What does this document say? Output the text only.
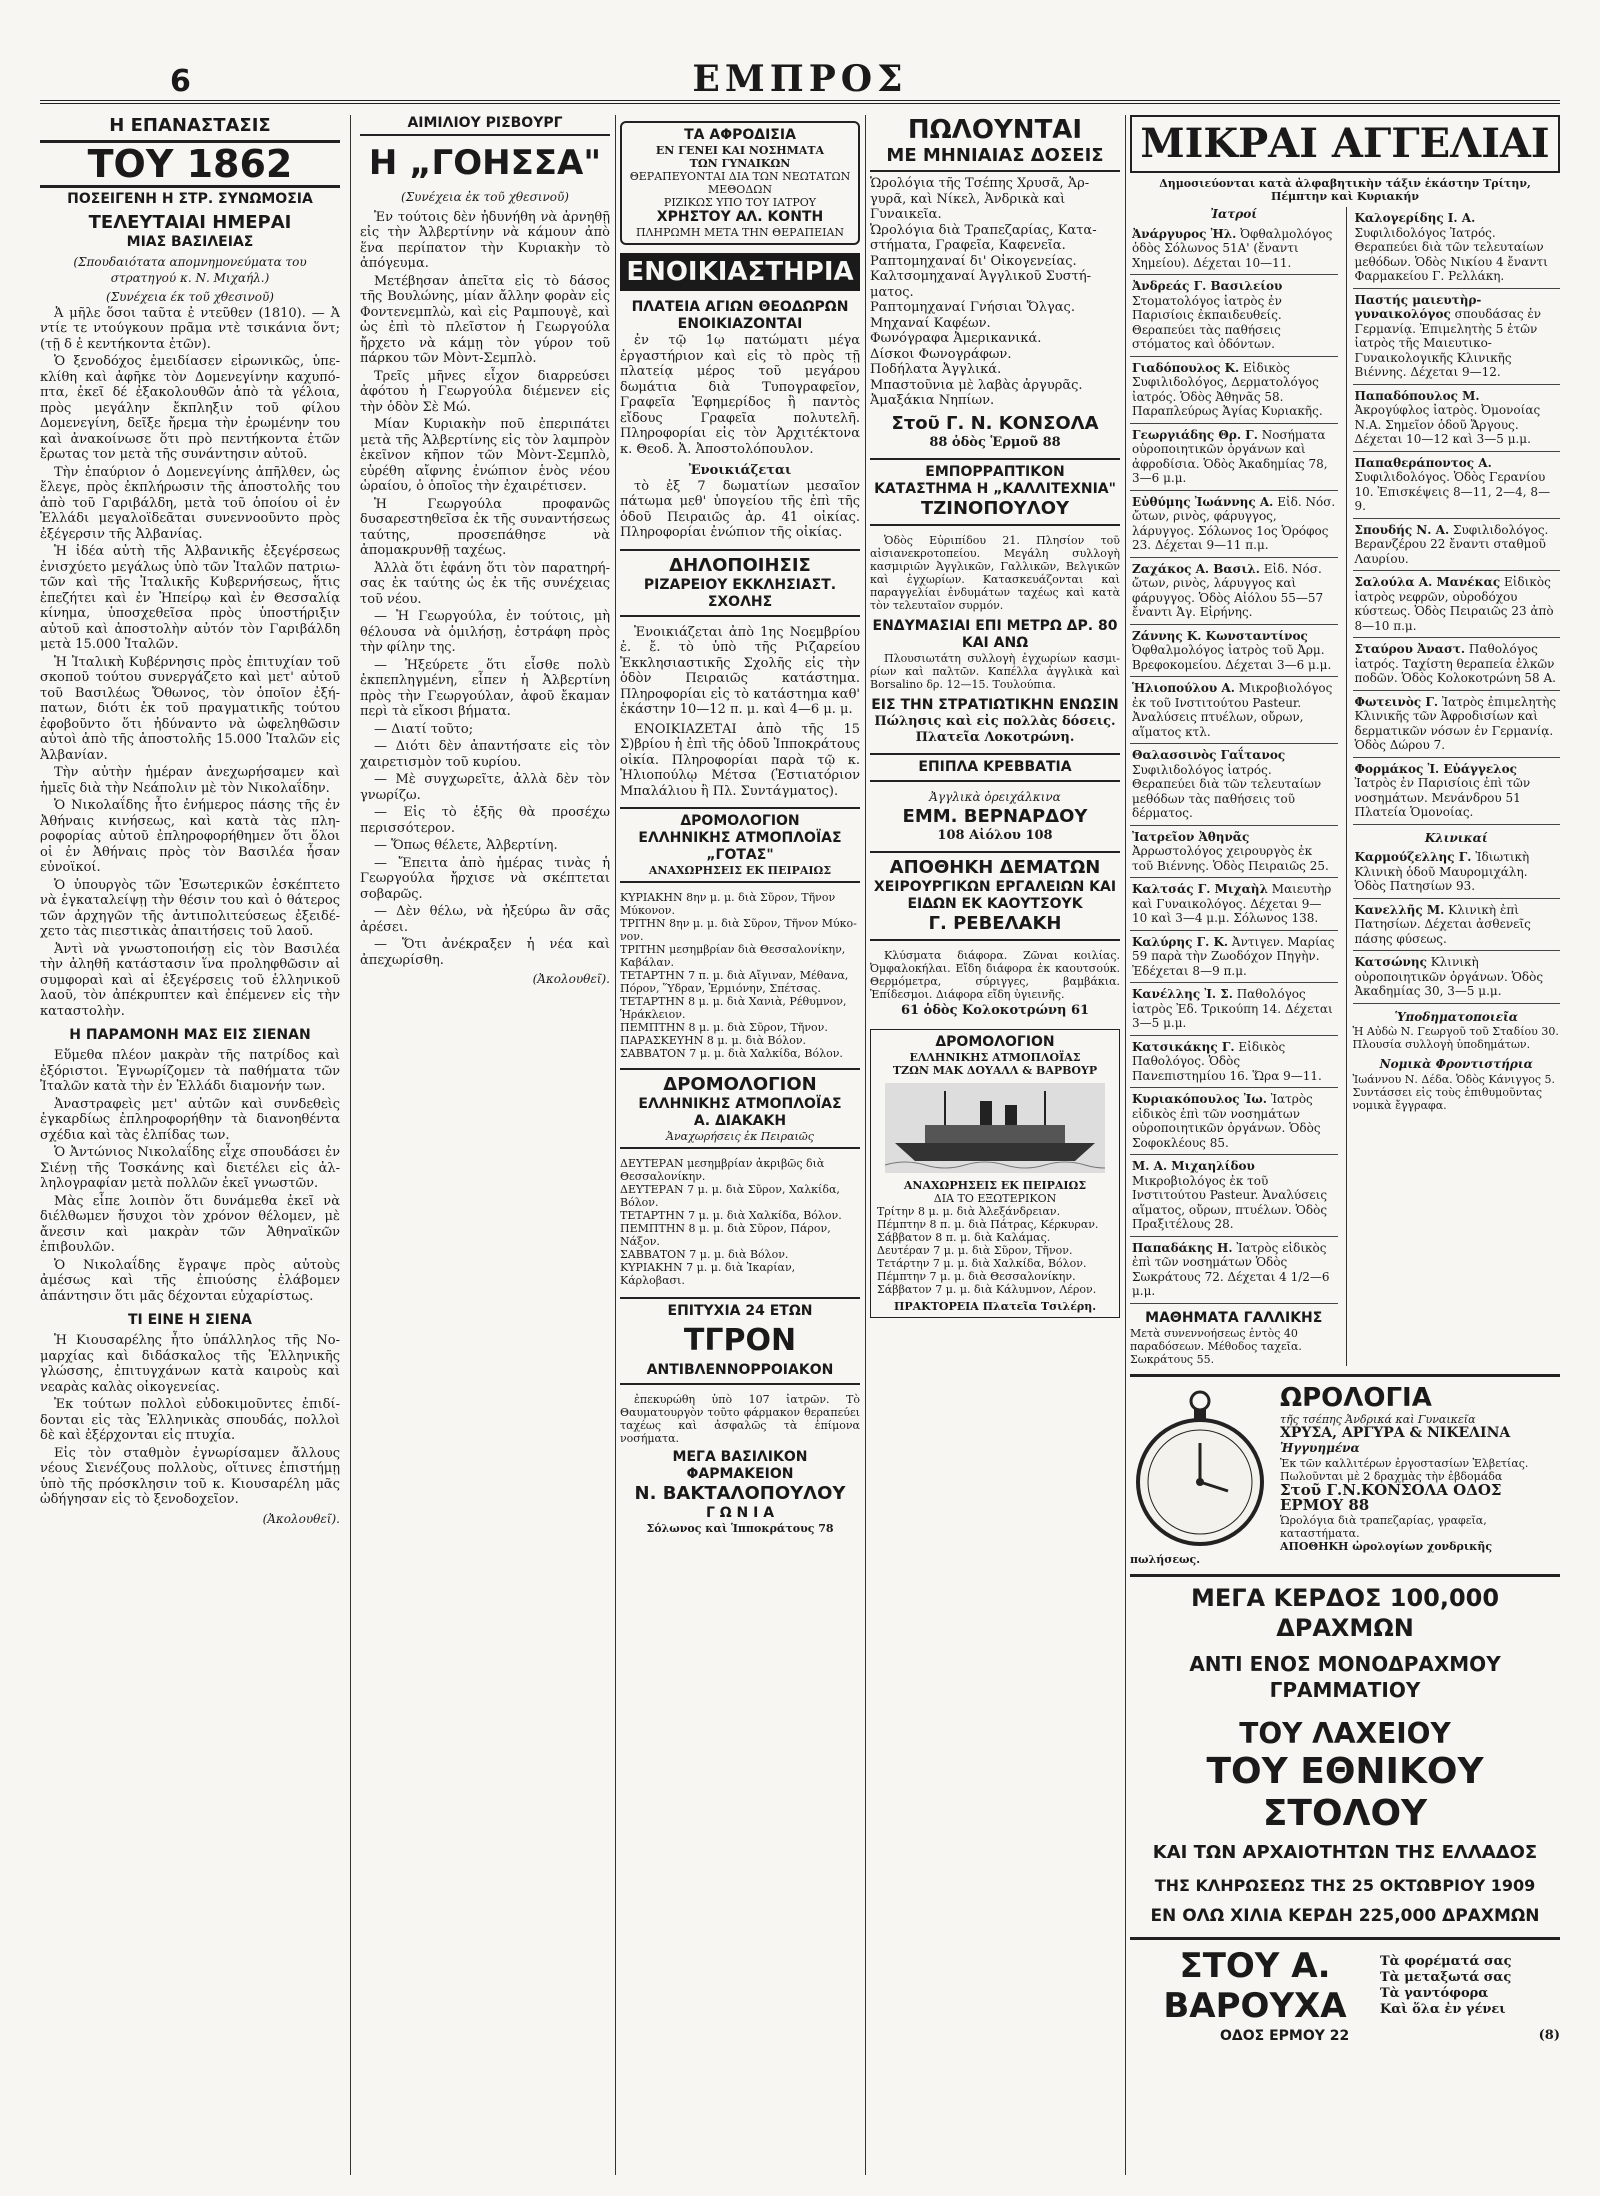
6	ΕΜΠΡΟΣ
Η ΕΠΑΝΑΣΤΑΣΙΣ
ΤΟΥ 1862
ΠΟΣΕΙΓΕΝΗ Η ΣΤΡ. ΣΥΝΩΜΟΣΙΑ
ΤΕΛΕΥΤΑΙΑΙ ΗΜΕΡΑΙ
ΜΙΑΣ ΒΑΣΙΛΕΙΑΣ
(Σπουδαιότατα απομνημονεύματα του στρατηγού κ. Ν. Μιχαήλ.)
(Συνέχεια έκ τοῦ χθεσινοῦ)

Ἀ μῆλε ὅσοι ταῦτα ἐ ντεῦθεν (1810). — Ἀ ντίε τε ντούγκουν πρᾶμα ντὲ τσικάνια ὅντ; (τῇ δ ἐ κεντήκοντα ἐτῶν).

Ὁ ξενοδόχος ἐμειδίασεν εἰρωνικῶς, ὑπεκλίθη καὶ ἀφῆκε τὸν Δομενεγίνην καχυπόπτα, ἐκεῖ δέ ἐξακολουθῶν ἀπὸ τὰ γέλοια, πρὸς μεγάλην ἔκπληξιν τοῦ φίλου Δομενεγίνη, δεῖξε ἤρεμα τὴν ἐρωμένην του καὶ ἀνακοίνωσε ὅτι πρὸ πεντήκοντα ἐτῶν ἔρωτας τον μετὰ τῆς συνάντησιν αὐτοῦ.

Τὴν ἐπαύριον ὁ Δομενεγίνης ἀπῆλθεν, ὡς ἔλεγε, πρὸς ἐκπλήρωσιν τῆς ἀποστολῆς του ἀπὸ τοῦ Γαριβάλδη, μετὰ τοῦ ὁποίου οἱ ἐν Ἑλλάδι μεγαλοϊδεᾶται συνεννοοῦντο πρὸς ἐξέγερσιν τῆς Ἀλβανίας.

Ἡ ἰδέα αὐτὴ τῆς Ἀλβανικῆς ἐξεγέρσεως ἐνισχύετο μεγάλως ὑπὸ τῶν Ἰταλῶν πατριωτῶν καὶ τῆς Ἰταλικῆς Κυβερνήσεως, ἥτις ἐπεζήτει καὶ ἐν Ἠπείρῳ καὶ ἐν Θεσσαλίᾳ κίνημα, ὑποσχεθεῖσα πρὸς ὑποστήριξιν αὐτοῦ καὶ ἀποστολὴν αὐτόν τὸν Γαριβάλδη μετὰ 15.000 Ἰταλῶν.

Ἡ Ἰταλικὴ Κυβέρνησις πρὸς ἐπιτυχίαν τοῦ σκοποῦ τούτου συνεργάζετο καὶ μετ' αὐτοῦ τοῦ Βασιλέως Ὄθωνος, τὸν ὁποῖον ἐξήπατων, διότι ἐκ τοῦ πραγματικῆς τούτου ἐφοβοῦντο ὅτι ἠδύναντο νὰ ὠφεληθῶσιν αὐτοὶ ἀπὸ τῆς ἀποστολῆς 15.000 Ἰταλῶν εἰς Ἀλβανίαν.

Τὴν αὐτὴν ἡμέραν ἀνεχωρήσαμεν καὶ ἡμεῖς διὰ τὴν Νεάπολιν μὲ τὸν Νικολαΐδην.

Ὁ Νικολαΐδης ἦτο ἐνήμερος πάσης τῆς ἐν Ἀθήναις κινήσεως, καὶ κατὰ τὰς πληροφορίας αὐτοῦ ἐπληροφορήθημεν ὅτι ὅλοι οἱ ἐν Ἀθήναις πρὸς τὸν Βασιλέα ἦσαν εὐνοϊκοί.

Ὁ ὑπουργὸς τῶν Ἐσωτερικῶν ἐσκέπτετο νὰ ἐγκαταλείψῃ τὴν θέσιν του καὶ ὁ θάτερος τῶν ἀρχηγῶν τῆς ἀντιπολιτεύσεως ἐξειδέχετο τὰς πιεστικὰς ἀπαιτήσεις τοῦ λαοῦ.

Ἀντὶ νὰ γνωστοποιήσῃ εἰς τὸν Βασιλέα τὴν ἀληθῆ κατάστασιν ἵνα προληφθῶσιν αἱ συμφοραὶ καὶ αἱ ἐξεγέρσεις τοῦ ἑλληνικοῦ λαοῦ, τὸν ἀπέκρυπτεν καὶ ἐπέμενεν εἰς τὴν καταστολὴν.

Η ΠΑΡΑΜΟΝΗ ΜΑΣ ΕΙΣ ΣΙΕΝΑΝ

Εὕμεθα πλέον μακρὰν τῆς πατρίδος καὶ ἐξόριστοι. Ἐγνωρίζομεν τὰ παθήματα τῶν Ἰταλῶν κατὰ τὴν ἐν Ἑλλάδι διαμονήν των.

Ἀναστραφεὶς μετ' αὐτῶν καὶ συνδεθεὶς ἐγκαρδίως ἐπληροφορήθην τὰ διανοηθέντα σχέδια καὶ τὰς ἐλπίδας των.

Ὁ Ἀντώνιος Νικολαΐδης εἶχε σπουδάσει ἐν Σιένῃ τῆς Τοσκάνης καὶ διετέλει εἰς ἀλληλογραφίαν μετὰ πολλῶν ἐκεῖ γνωστῶν.

Μὰς εἶπε λοιπὸν ὅτι δυνάμεθα ἐκεῖ νὰ διέλθωμεν ἥσυχοι τὸν χρόνον θέλομεν, μὲ ἄνεσιν καὶ μακρὰν τῶν Ἀθηναϊκῶν ἐπιβουλῶν.

Ὁ Νικολαΐδης ἔγραψε πρὸς αὐτοὺς ἀμέσως καὶ τῆς ἐπιούσης ἐλάβομεν ἀπάντησιν ὅτι μᾶς δέχονται εὐχαρίστως.

ΤΙ ΕΙΝΕ Η ΣΙΕΝΑ

Ἡ Κιουσαρέλης ἦτο ὑπάλληλος τῆς Νομαρχίας καὶ διδάσκαλος τῆς Ἑλληνικῆς γλώσσης, ἐπιτυγχάνων κατὰ καιροὺς καὶ νεαρὰς καλὰς οἰκογενείας.

Ἐκ τούτων πολλοὶ εὐδοκιμοῦντες ἐπιδίδονται εἰς τὰς Ἑλληνικὰς σπουδάς, πολλοὶ δὲ καὶ ἐξέρχονται εἰς πτυχία.

Εἰς τὸν σταθμὸν ἐγνωρίσαμεν ἄλλους νέους Σιενέζους πολλοὺς, οἵτινες ἐπιστήμῃ ὑπὸ τῆς πρόσκλησιν τοῦ κ. Κιουσαρέλη μᾶς ὡδήγησαν εἰς τὸ ξενοδοχεῖον.

(Ἀκολουθεῖ).
ΑΙΜΙΛΙΟΥ ΡΙΣΒΟΥΡΓ
Η „ΓΟΗΣΣΑ"
(Συνέχεια ἐκ τοῦ χθεσινοῦ)

Ἐν τούτοις δὲν ἠδυνήθη νὰ ἀρνηθῇ εἰς τὴν Ἀλβερτίνην νὰ κάμουν ἀπὸ ἕνα περίπατον τὴν Κυριακὴν τὸ ἀπόγευμα.

Μετέβησαν ἀπεῖτα εἰς τὸ δάσος τῆς Βουλώνης, μίαν ἄλλην φορὰν εἰς Φοντενεμπλὼ, καὶ εἰς Ραμπουγὲ, καὶ ὡς ἐπὶ τὸ πλεῖστον ἡ Γεωργούλα ἤρχετο νὰ κάμῃ τὸν γύρον τοῦ πάρκου τῶν Μὸντ-Σεμπλὸ.

Τρεῖς μῆνες εἶχον διαρρεύσει ἀφότου ἡ Γεωργούλα διέμενεν εἰς τὴν ὁδὸν Σὲ Μώ.

Μίαν Κυριακὴν ποῦ ἐπεριπάτει μετὰ τῆς Ἀλβερτίνης εἰς τὸν λαμπρὸν ἐκεῖνον κῆπον τῶν Μὸντ-Σεμπλὸ, εὑρέθη αἴφνης ἐνώπιον ἑνὸς νέου ὡραίου, ὁ ὁποῖος τὴν ἐχαιρέτισεν.

Ἡ Γεωργούλα προφανῶς δυσαρεστηθεῖσα ἐκ τῆς συναντήσεως ταύτης, προσεπάθησε νὰ ἀπομακρυνθῇ ταχέως.

Ἀλλὰ ὅτι ἐφάνη ὅτι τὸν παρατηρήσας ἐκ ταύτης ὡς ἐκ τῆς συνέχειας τοῦ νέου.

— Ἡ Γεωργούλα, ἐν τούτοις, μὴ θέλουσα νὰ ὁμιλήσῃ, ἐστράφη πρὸς τὴν φίλην της.

— Ἠξεύρετε ὅτι εἶσθε πολὺ ἐκπεπληγμένη, εἶπεν ἡ Ἀλβερτίνη πρὸς τὴν Γεωργούλαν, ἀφοῦ ἔκαμαν περὶ τὰ εἴκοσι βήματα.

— Διατί τοῦτο;

— Διότι δὲν ἀπαντήσατε εἰς τὸν χαιρετισμὸν τοῦ κυρίου.

— Μὲ συγχωρεῖτε, ἀλλὰ δὲν τὸν γνωρίζω.

— Εἰς τὸ ἑξῆς θὰ προσέχω περισσότερον.

— Ὅπως θέλετε, Ἀλβερτίνη.

— Ἔπειτα ἀπὸ ἡμέρας τινὰς ἡ Γεωργούλα ἤρχισε νὰ σκέπτεται σοβαρῶς.

— Δὲν θέλω, νὰ ἠξεύρω ἂν σᾶς ἀρέσει.

— Ὅτι ἀνέκραξεν ἡ νέα καὶ ἀπεχωρίσθη.

(Ἀκολουθεῖ).
ΤΑ ΑΦΡΟΔΙΣΙΑ
ΕΝ ΓΕΝΕΙ ΚΑΙ ΝΟΣΗΜΑΤΑ
ΤΩΝ ΓΥΝΑΙΚΩΝ
ΘΕΡΑΠΕΥΟΝΤΑΙ ΔΙΑ ΤΩΝ ΝΕΩΤΑΤΩΝ ΜΕΘΟΔΩΝ
ΡΙΖΙΚΩΣ ΥΠΟ ΤΟΥ ΙΑΤΡΟΥ
ΧΡΗΣΤΟΥ ΑΛ. ΚΟΝΤΗ
ΠΛΗΡΩΜΗ ΜΕΤΑ ΤΗΝ ΘΕΡΑΠΕΙΑΝ
ΕΝΟΙΚΙΑΣΤΗΡΙΑ
ΠΛΑΤΕΙΑ ΑΓΙΩΝ ΘΕΟΔΩΡΩΝ ΕΝΟΙΚΙΑΖΟΝΤΑΙ

ἐν τῷ 1ῳ πατώματι μέγα ἐργαστήριον καὶ εἰς τὸ πρὸς τῇ πλατείᾳ μέρος τοῦ μεγάρου δωμάτια διὰ Τυπογραφεῖον, Γραφεῖα Ἐφημερίδος ἢ παντὸς εἴδους Γραφεῖα πολυτελῆ. Πληροφορίαι εἰς τὸν Ἀρχιτέκτονα κ. Θεοδ. Ἀ. Ἀποστολόπουλον.

Ἐνοικιάζεται

τὸ ἐξ 7 δωματίων μεσαῖον πάτωμα μεθ' ὑπογείου τῆς ἐπὶ τῆς ὁδοῦ Πειραιῶς ἀρ. 41 οἰκίας. Πληροφορίαι ἐνώπιον τῆς οἰκίας.

ΔΗΛΟΠΟΙΗΣΙΣ
ΡΙΖΑΡΕΙΟΥ ΕΚΚΛΗΣΙΑΣΤ. ΣΧΟΛΗΣ

Ἐνοικιάζεται ἀπὸ 1ης Νοεμβρίου ἐ. ἔ. τὸ ὑπὸ τῆς Ριζαρείου Ἐκκλησιαστικῆς Σχολῆς εἰς τὴν ὁδὸν Πειραιῶς κατάστημα. Πληροφορίαι εἰς τὸ κατάστημα καθ' ἑκάστην 10—12 π. μ. καὶ 4—6 μ. μ.

ΕΝΟΙΚΙΑΖΕΤΑΙ ἀπὸ τῆς 15 Σ)βρίου ἡ ἐπὶ τῆς ὁδοῦ Ἱπποκράτους οἰκία. Πληροφορίαι παρὰ τῷ κ. Ἠλιοπούλῳ Μέτσα (Ἑστιατόριον Μπαλάλιου ἢ Πλ. Συντάγματος).

ΔΡΟΜΟΛΟΓΙΟΝ
ΕΛΛΗΝΙΚΗΣ ΑΤΜΟΠΛΟΪΑΣ „ΓΟΤΑΣ"
ΑΝΑΧΩΡΗΣΕΙΣ ΕΚ ΠΕΙΡΑΙΩΣ
ΚΥΡΙΑΚΗΝ 8ην μ. μ. διὰ Σῦρον, Τῆνον Μύκονον.
ΤΡΙΤΗΝ 8ην μ. μ. διὰ Σῦρον, Τῆνον Μύκονον.
ΤΡΙΤΗΝ μεσημβρίαν διὰ Θεσσαλονίκην, Καβάλαν.
ΤΕΤΑΡΤΗΝ 7 π. μ. διὰ Αἴγιναν, Μέθανα, Πόρον, Ὕδραν, Ἑρμιόνην, Σπέτσας.
ΤΕΤΑΡΤΗΝ 8 μ. μ. διὰ Χανιὰ, Ρέθυμνον, Ἡράκλειον.
ΠΕΜΠΤΗΝ 8 μ. μ. διὰ Σῦρον, Τῆνον.
ΠΑΡΑΣΚΕΥΗΝ 8 μ. μ. διὰ Βόλον.
ΣΑΒΒΑΤΟΝ 7 μ. μ. διὰ Χαλκίδα, Βόλον.
ΔΡΟΜΟΛΟΓΙΟΝ
ΕΛΛΗΝΙΚΗΣ ΑΤΜΟΠΛΟΪΑΣ
Α. ΔΙΑΚΑΚΗ
Ἀναχωρήσεις ἐκ Πειραιῶς
ΔΕΥΤΕΡΑΝ μεσημβρίαν ἀκριβῶς διὰ Θεσσαλονίκην.
ΔΕΥΤΕΡΑΝ 7 μ. μ. διὰ Σῦρον, Χαλκίδα, Βόλον.
ΤΕΤΑΡΤΗΝ 7 μ. μ. διὰ Χαλκίδα, Βόλον.
ΠΕΜΠΤΗΝ 8 μ. μ. διὰ Σῦρον, Πάρον, Νάξον.
ΣΑΒΒΑΤΟΝ 7 μ. μ. διὰ Βόλον.
ΚΥΡΙΑΚΗΝ 7 μ. μ. διὰ Ἰκαρίαν, Κάρλοβασι.
ΕΠΙΤΥΧΙΑ 24 ΕΤΩΝ
ΤΓΡΟΝ
ΑΝΤΙΒΛΕΝΝΟΡΡΟΙΑΚΟΝ

ἐπεκυρώθη ὑπὸ 107 ἰατρῶν. Τὸ Θαυματουργὸν τοῦτο φάρμακον θεραπεύει ταχέως καὶ ἀσφαλῶς τὰ ἐπίμονα νοσήματα.

ΜΕΓΑ ΒΑΣΙΛΙΚΟΝ ΦΑΡΜΑΚΕΙΟΝ
Ν. ΒΑΚΤΑΛΟΠΟΥΛΟΥ
Γ Ω Ν Ι Α
Σόλωνος καὶ Ἱπποκράτους 78
ΠΩΛΟΥΝΤΑΙ
ΜΕ ΜΗΝΙΑΙΑΣ ΔΟΣΕΙΣ
Ὡρολόγια τῆς Τσέπης Χρυσᾶ, Ἀργυρᾶ, καὶ Νίκελ, Ἀνδρικὰ καὶ Γυναικεῖα.
Ὡρολόγια διὰ Τραπεζαρίας, Καταστήματα, Γραφεῖα, Καφενεῖα.
Ραπτομηχαναί δι' Οἰκογενείας.
Καλτσομηχαναί Ἀγγλικοῦ Συστήματος.
Ραπτομηχαναί Γνήσιαι Ὄλγας.
Μηχαναί Καφέων.
Φωνόγραφα Ἀμερικανικά.
Δίσκοι Φωνογράφων.
Ποδήλατα Ἀγγλικά.
Μπαστοῦνια μὲ λαβὰς ἀργυρᾶς.
Ἀμαξάκια Νηπίων.
Στοῦ Γ. Ν. ΚΟΝΣΟΛΑ
88 ὁδὸς Ἑρμοῦ 88
ΕΜΠΟΡΡΑΠΤΙΚΟΝ
ΚΑΤΑΣΤΗΜΑ Η „ΚΑΛΛΙΤΕΧΝΙΑ"
ΤΖΙΝΟΠΟΥΛΟΥ

Ὁδὸς Εὐριπίδου 21. Πλησίον τοῦ αἰσιανεκροτοπείου. Μεγάλη συλλογὴ κασμιριῶν Ἀγγλικῶν, Γαλλικῶν, Βελγικῶν καὶ ἐγχωρίων. Κατασκευάζονται καὶ παραγγελίαι ἐνδυμάτων ταχέως καὶ κατὰ τὸν τελευταῖον συρμόν.

ΕΝΔΥΜΑΣΙΑΙ ΕΠΙ ΜΕΤΡΩ ΔΡ. 80 ΚΑΙ ΑΝΩ

Πλουσιωτάτη συλλογὴ ἐγχωρίων κασμιρίων καὶ παλτῶν. Καπέλλα ἀγγλικὰ καὶ Borsalino δρ. 12—15. Τουλούπια.

ΕΙΣ ΤΗΝ ΣΤΡΑΤΙΩΤΙΚΗΝ ΕΝΩΣΙΝ
Πώλησις καὶ εἰς πολλὰς δόσεις. Πλατεῖα Λοκοτρώνη.
ΕΠΙΠΛΑ ΚΡΕΒΒΑΤΙΑ
Ἀγγλικὰ ὀρειχάλκινα
ΕΜΜ. ΒΕΡΝΑΡΔΟΥ
108 Αἰόλου 108
ΑΠΟΘΗΚΗ ΔΕΜΑΤΩΝ
ΧΕΙΡΟΥΡΓΙΚΩΝ ΕΡΓΑΛΕΙΩΝ ΚΑΙ ΕΙΔΩΝ ΕΚ ΚΑΟΥΤΣΟΥΚ
Γ. ΡΕΒΕΛΑΚΗ

Κλύσματα διάφορα. Ζῶναι κοιλίας. Ὀμφαλοκήλαι. Εἴδη διάφορα ἐκ καουτσούκ. Θερμόμετρα, σύριγγες, βαμβάκια. Ἐπίδεσμοι. Διάφορα εἴδη ὑγιεινῆς.

61 ὁδὸς Κολοκοτρώνη 61
ΔΡΟΜΟΛΟΓΙΟΝ
ΕΛΛΗΝΙΚΗΣ ΑΤΜΟΠΛΟΪΑΣ
ΤΖΩΝ ΜΑΚ ΔΟΥΑΛΛ & ΒΑΡΒΟΥΡ
ΑΝΑΧΩΡΗΣΕΙΣ ΕΚ ΠΕΙΡΑΙΩΣ
ΔΙΑ ΤΟ ΕΞΩΤΕΡΙΚΟΝ
Τρίτην 8 μ. μ. διὰ Ἀλεξάνδρειαν.
Πέμπτην 8 π. μ. διὰ Πάτρας, Κέρκυραν.
Σάββατον 8 π. μ. διὰ Καλάμας.
Δευτέραν 7 μ. μ. διὰ Σῦρον, Τῆνον.
Τετάρτην 7 μ. μ. διὰ Χαλκίδα, Βόλον.
Πέμπτην 7 μ. μ. διὰ Θεσσαλονίκην.
Σάββατον 7 μ. μ. διὰ Κάλυμνον, Λέρον.
ΠΡΑΚΤΟΡΕΙΑ Πλατεῖα Τσιλέρη.
ΜΙΚΡΑΙ ΑΓΓΕΛΙΑΙ
Δημοσιεύονται κατὰ ἀλφαβητικὴν τάξιν ἑκάστην Τρίτην, Πέμπτην καὶ Κυριακήν
Ἰατροί
Ἀνάργυρος Ἠλ. Ὀφθαλμολόγος ὁδὸς Σόλωνος 51Α' (ἔναντι Χημείου). Δέχεται 10—11.
Ἀνδρεάς Γ. Βασιλείου Στοματολόγος ἰατρὸς ἐν Παρισίοις ἐκπαιδευθείς. Θεραπεύει τὰς παθήσεις στόματος καὶ ὀδόντων.
Γιαδόπουλος Κ. Εἰδικὸς Συφιλιδολόγος, Δερματολόγος ἰατρός. Ὁδὸς Ἀθηνᾶς 58. Παραπλεύρως Ἁγίας Κυριακῆς.
Γεωργιάδης Θρ. Γ. Νοσήματα οὐροποιητικῶν ὀργάνων καὶ ἀφροδίσια. Ὁδὸς Ἀκαδημίας 78, 3—6 μ.μ.
Εὐθύμης Ἰωάννης Α. Εἰδ. Νόσ. ὤτων, ρινὸς, φάρυγγος, λάρυγγος. Σόλωνος 1ος Ὁρόφος 23. Δέχεται 9—11 π.μ.
Ζαχάκος Α. Βασιλ. Εἰδ. Νόσ. ὤτων, ρινὸς, λάρυγγος καὶ φάρυγγος. Ὁδὸς Αἰόλου 55—57 ἔναντι Ἁγ. Εἰρήνης.
Ζάννης Κ. Κωνσταντίνος Ὀφθαλμολόγος ἰατρὸς τοῦ Ἀρμ. Βρεφοκομείου. Δέχεται 3—6 μ.μ.
Ἡλιοπούλου Α. Μικροβιολόγος ἐκ τοῦ Ινστιτούτου Pasteur. Ἀναλύσεις πτυέλων, οὔρων, αἵματος κτλ.
Θαλασσινὸς Γαΐτανος Συφιλιδολόγος ἰατρός. Θεραπεύει διὰ τῶν τελευταίων μεθόδων τὰς παθήσεις τοῦ δέρματος.
Ἰατρεῖον Ἀθηνᾶς Ἀρρωστολόγος χειρουργὸς ἐκ τοῦ Βιέννης. Ὁδὸς Πειραιῶς 25.
Καλτσάς Γ. Μιχαὴλ Μαιευτὴρ καὶ Γυναικολόγος. Δέχεται 9—10 καὶ 3—4 μ.μ. Σόλωνος 138.
Καλύρης Γ. Κ. Ἀντιγεν. Μαρίας 59 παρὰ τὴν Ζωοδόχον Πηγὴν. Ἐδέχεται 8—9 π.μ.
Κανέλλης Ἰ. Σ. Παθολόγος ἰατρὸς Ἐδ. Τρικούπη 14. Δέχεται 3—5 μ.μ.
Κατσικάκης Γ. Εἰδικὸς Παθολόγος. Ὁδὸς Πανεπιστημίου 16. Ὥρα 9—11.
Κυριακόπουλος Ἰω. Ἰατρὸς εἰδικὸς ἐπὶ τῶν νοσημάτων οὐροποιητικῶν ὀργάνων. Ὁδὸς Σοφοκλέους 85.
Μ. Α. Μιχαηλίδου Μικροβιολόγος ἐκ τοῦ Ινστιτούτου Pasteur. Ἀναλύσεις αἵματος, οὔρων, πτυέλων. Ὁδὸς Πραξιτέλους 28.
Παπαδάκης Η. Ἰατρὸς εἰδικὸς ἐπὶ τῶν νοσημάτων Ὁδὸς Σωκράτους 72. Δέχεται 4 1/2—6 μ.μ.
ΜΑΘΗΜΑΤΑ ΓΑΛΛΙΚΗΣ
Μετὰ συνεννοήσεως ἐντὸς 40 παραδόσεων. Μέθοδος ταχεῖα. Σωκράτους 55.
Καλογερίδης Ι. Α. Συφιλιδολόγος Ἰατρός. Θεραπεύει διὰ τῶν τελευταίων μεθόδων. Ὁδὸς Νικίου 4 ἔναντι Φαρμακείου Γ. Ρελλάκη.
Παστής μαιευτὴρ-γυναικολόγος σπουδάσας ἐν Γερμανίᾳ. Ἐπιμελητὴς 5 ἐτῶν ἰατρὸς τῆς Μαιευτικο-Γυναικολογικῆς Κλινικῆς Βιέννης. Δέχεται 9—12.
Παπαδόπουλος Μ. Ἀκρογύφλος ἰατρὸς. Ὀμονοίας Ν.Α. Σημεῖον ὁδοῦ Ἄργους. Δέχεται 10—12 καὶ 3—5 μ.μ.
Παπαθεράποντος Α. Συφιλιδολόγος. Ὁδὸς Γερανίου 10. Ἐπισκέψεις 8—11, 2—4, 8—9.
Σπουδής Ν. Α. Συφιλιδολόγος. Βερανζέρου 22 ἔναντι σταθμοῦ Λαυρίου.
Σαλούλα Α. Μανέκας Εἰδικὸς ἰατρὸς νεφρῶν, οὐροδόχου κύστεως. Ὁδὸς Πειραιῶς 23 ἀπὸ 8—10 π.μ.
Σταύρου Ἀναστ. Παθολόγος ἰατρός. Ταχίστη θεραπεία ἑλκῶν ποδῶν. Ὁδὸς Κολοκοτρώνη 58 Α.
Φωτεινὸς Γ. Ἰατρὸς ἐπιμελητὴς Κλινικῆς τῶν Ἀφροδισίων καὶ δερματικῶν νόσων ἐν Γερμανίᾳ. Ὁδὸς Δώρου 7.
Φορμάκος Ἰ. Εὐάγγελος Ἰατρὸς ἐν Παρισίοις ἐπὶ τῶν νοσημάτων. Μενάνδρου 51 Πλατεία Ὁμονοίας.
Κλινικαί
Καρμούζελλης Γ. Ἰδιωτικὴ Κλινικὴ ὁδοῦ Μαυρομιχάλη. Ὁδὸς Πατησίων 93.
Κανελλῆς Μ. Κλινικὴ ἐπὶ Πατησίων. Δέχεται ἀσθενεῖς πάσης φύσεως.
Κατσώνης Κλινικὴ οὐροποιητικῶν ὀργάνων. Ὁδὸς Ἀκαδημίας 30, 3—5 μ.μ.
Ὑποδηματοποιεῖα
Ἡ Αὐδὼ Ν. Γεωργοῦ τοῦ Σταδίου 30. Πλουσία συλλογὴ ὑποδημάτων.
Νομικὰ Φροντιστήρια
Ἰωάννου Ν. Δέδα. Ὁδὸς Κάνιγγος 5. Συντάσσει εἰς τοὺς ἐπιθυμοῦντας νομικὰ ἔγγραφα.
ΩΡΟΛΟΓΙΑ
τῆς τσέπης Ἀνδρικά καὶ Γυναικεῖα
ΧΡΥΣΑ, ΑΡΓΥΡΑ & ΝΙΚΕΛΙΝΑ
Ἠγγυημένα
Ἐκ τῶν καλλιτέρων ἐργοστασίων Ἐλβετίας. Πωλοῦνται μὲ 2 δραχμὰς τὴν ἑβδομάδα
Στοῦ Γ.Ν.ΚΟΝΣΟΛΑ ΟΔΟΣ ΕΡΜΟΥ 88
Ὡρολόγια διὰ τραπεζαρίας, γραφεῖα, καταστήματα.
ΑΠΟΘΗΚΗ ὡρολογίων χονδρικῆς πωλήσεως.
ΜΕΓΑ ΚΕΡΔΟΣ 100,000 ΔΡΑΧΜΩΝ
ΑΝΤΙ ΕΝΟΣ ΜΟΝΟΔΡΑΧΜΟΥ ΓΡΑΜΜΑΤΙΟΥ
ΤΟΥ ΛΑΧΕΙΟΥ
ΤΟΥ ΕΘΝΙΚΟΥ ΣΤΟΛΟΥ
ΚΑΙ ΤΩΝ ΑΡΧΑΙΟΤΗΤΩΝ ΤΗΣ ΕΛΛΑΔΟΣ
ΤΗΣ ΚΛΗΡΩΣΕΩΣ ΤΗΣ 25 ΟΚΤΩΒΡΙΟΥ 1909
ΕΝ ΟΛΩ ΧΙΛΙΑ ΚΕΡΔΗ 225,000 ΔΡΑΧΜΩΝ
ΣΤΟΥ Α. ΒΑΡΟΥΧΑ
Τὰ φορέματά σας
Τὰ μεταξωτά σας
Τὰ γαντόφορα
Καὶ ὅλα ἐν γένει
ΟΔΟΣ ΕΡΜΟΥ 22	(8)
